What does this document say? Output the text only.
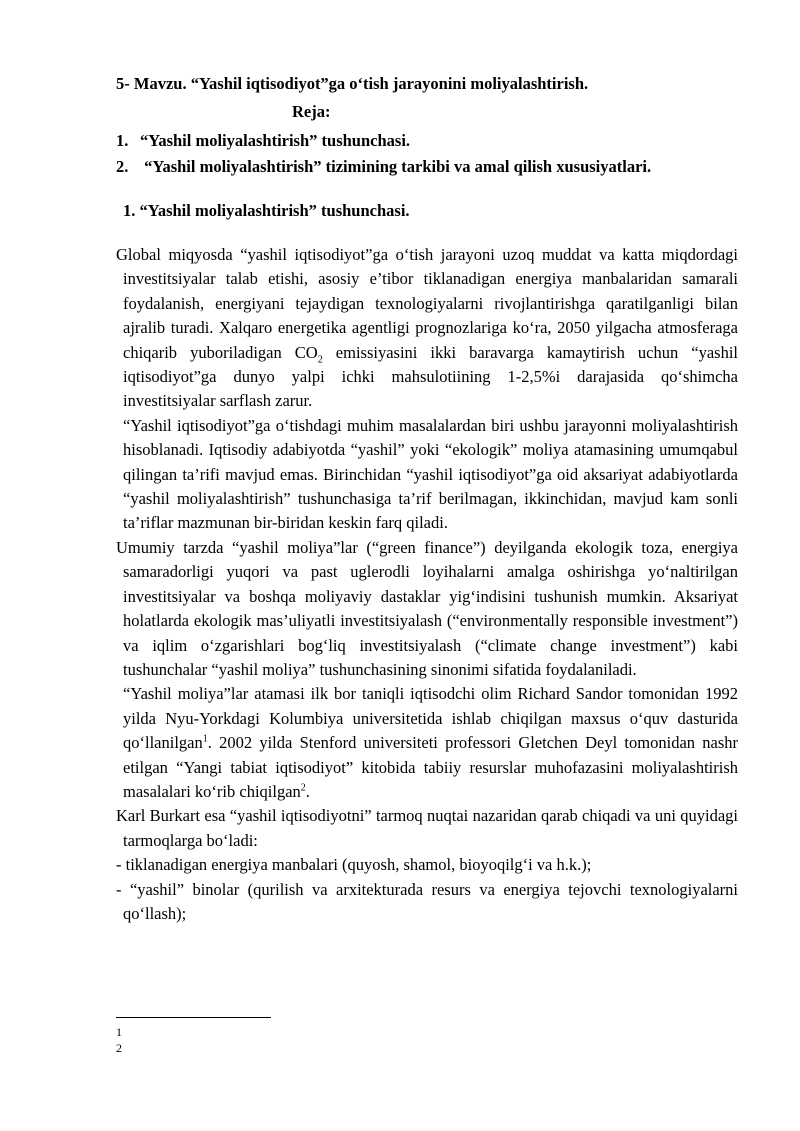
5- Mavzu. “Yashil iqtisodiyot”ga o‘tish jarayonini moliyalashtirish.
Reja:
1. “Yashil moliyalashtirish” tushunchasi.
2. “Yashil moliyalashtirish” tizimining tarkibi va amal qilish xususiyatlari.
1. “Yashil moliyalashtirish” tushunchasi.

Global miqyosda “yashil iqtisodiyot”ga o‘tish jarayoni uzoq muddat va katta miqdordagi investitsiyalar talab etishi, asosiy e’tibor tiklanadigan energiya manbalaridan samarali foydalanish, energiyani tejaydigan texnologiyalarni rivojlantirishga qaratilganligi bilan ajralib turadi. Xalqaro energetika agentligi prognozlariga ko‘ra, 2050 yilgacha atmosferaga chiqarib yuboriladigan $CO_2$ emissiyasini ikki baravarga kamaytirish uchun “yashil iqtisodiyot”ga dunyo yalpi ichki mahsulotiining 1-2,5%i darajasida qo‘shimcha investitsiyalar sarflash zarur.

“Yashil iqtisodiyot”ga o‘tishdagi muhim masalalardan biri ushbu jarayonni moliyalashtirish hisoblanadi. Iqtisodiy adabiyotda “yashil” yoki “ekologik” moliya atamasining umumqabul qilingan ta’rifi mavjud emas. Birinchidan “yashil iqtisodiyot”ga oid aksariyat adabiyotlarda “yashil moliyalashtirish” tushunchasiga ta’rif berilmagan, ikkinchidan, mavjud kam sonli ta’riflar mazmunan bir-biridan keskin farq qiladi.

Umumiy tarzda “yashil moliya”lar (“green finance”) deyilganda ekologik toza, energiya samaradorligi yuqori va past uglerodli loyihalarni amalga oshirishga yo‘naltirilgan investitsiyalar va boshqa moliyaviy dastaklar yig‘indisini tushunish mumkin. Aksariyat holatlarda ekologik mas’uliyatli investitsiyalash (“environmentally responsible investment”) va iqlim o‘zgarishlari bog‘liq investitsiyalash (“climate change investment”) kabi tushunchalar “yashil moliya” tushunchasining sinonimi sifatida foydalaniladi.

“Yashil moliya”lar atamasi ilk bor taniqli iqtisodchi olim Richard Sandor tomonidan 1992 yilda Nyu-Yorkdagi Kolumbiya universitetida ishlab chiqilgan maxsus o‘quv dasturida qo‘llanilgan$^1$. 2002 yilda Stenford universiteti professori Gletchen Deyl tomonidan nashr etilgan “Yangi tabiat iqtisodiyot” kitobida tabiiy resurslar muhofazasini moliyalashtirish masalalari ko‘rib chiqilgan$^2$.

Karl Burkart esa “yashil iqtisodiyotni” tarmoq nuqtai nazaridan qarab chiqadi va uni quyidagi tarmoqlarga bo‘ladi:

- tiklanadigan energiya manbalari (quyosh, shamol, bioyoqilg‘i va h.k.);

- “yashil” binolar (qurilish va arxitekturada resurs va energiya tejovchi texnologiyalarni qo‘llash);

1
2
